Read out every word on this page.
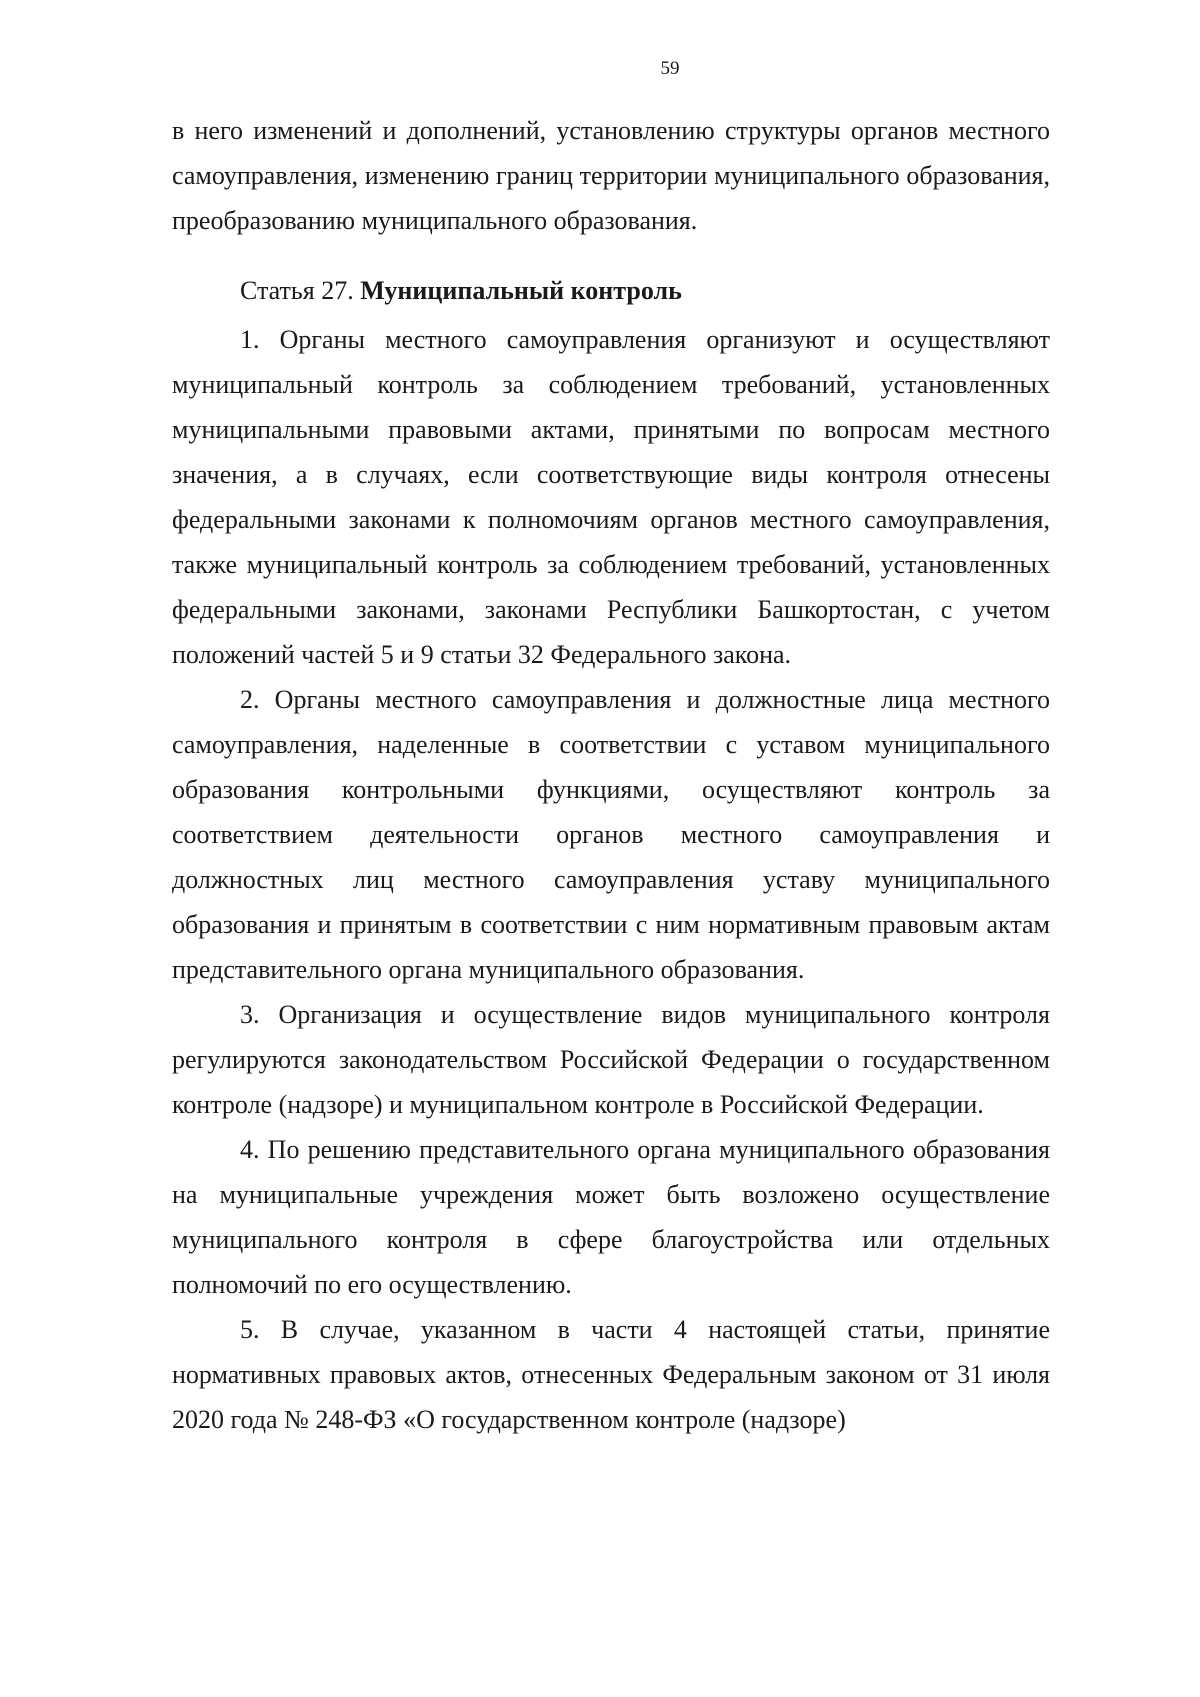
59

в него изменений и дополнений, установлению структуры органов местного самоуправления, изменению границ территории муниципального образования, преобразованию муниципального образования.

Статья 27. Муниципальный контроль

1. Органы местного самоуправления организуют и осуществляют муниципальный контроль за соблюдением требований, установленных муниципальными правовыми актами, принятыми по вопросам местного значения, а в случаях, если соответствующие виды контроля отнесены федеральными законами к полномочиям органов местного самоуправления, также муниципальный контроль за соблюдением требований, установленных федеральными законами, законами Республики Башкортостан, с учетом положений частей 5 и 9 статьи 32 Федерального закона.

2. Органы местного самоуправления и должностные лица местного самоуправления, наделенные в соответствии с уставом муниципального образования контрольными функциями, осуществляют контроль за соответствием деятельности органов местного самоуправления и должностных лиц местного самоуправления уставу муниципального образования и принятым в соответствии с ним нормативным правовым актам представительного органа муниципального образования.

3. Организация и осуществление видов муниципального контроля регулируются законодательством Российской Федерации о государственном контроле (надзоре) и муниципальном контроле в Российской Федерации.

4. По решению представительного органа муниципального образования на муниципальные учреждения может быть возложено осуществление муниципального контроля в сфере благоустройства или отдельных полномочий по его осуществлению.

5. В случае, указанном в части 4 настоящей статьи, принятие нормативных правовых актов, отнесенных Федеральным законом от 31 июля 2020 года № 248-ФЗ «О государственном контроле (надзоре)
